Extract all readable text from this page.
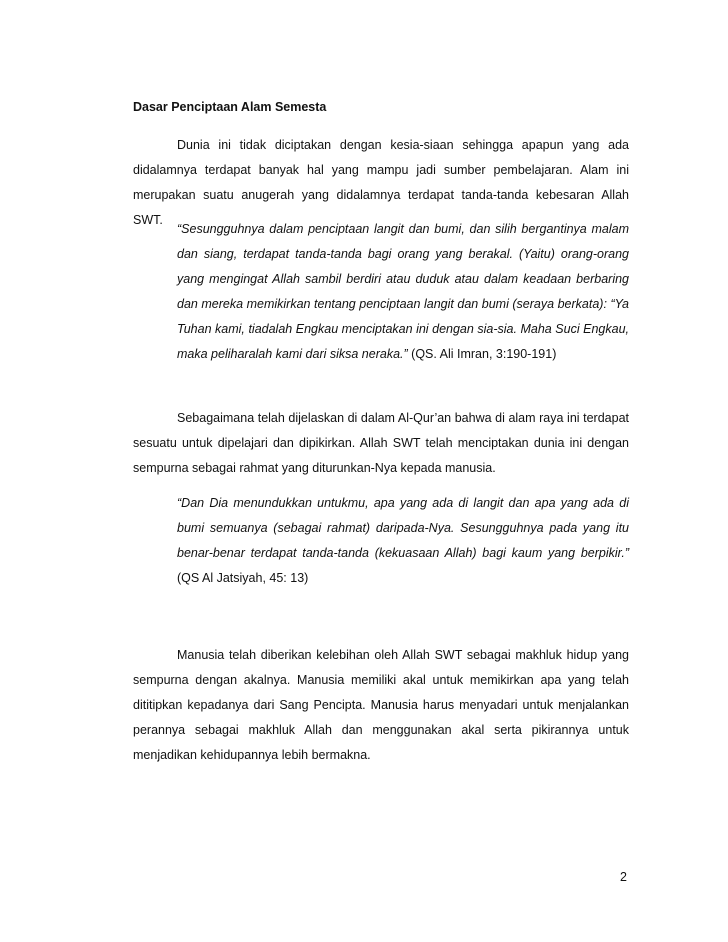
Dasar Penciptaan Alam Semesta

Dunia ini tidak diciptakan dengan kesia-siaan sehingga apapun yang ada didalamnya terdapat banyak hal yang mampu jadi sumber pembelajaran. Alam ini merupakan suatu anugerah yang didalamnya terdapat tanda-tanda kebesaran Allah SWT.

“Sesungguhnya dalam penciptaan langit dan bumi, dan silih bergantinya malam dan siang, terdapat tanda-tanda bagi orang yang berakal. (Yaitu) orang-orang yang mengingat Allah sambil berdiri atau duduk atau dalam keadaan berbaring dan mereka memikirkan tentang penciptaan langit dan bumi (seraya berkata): “Ya Tuhan kami, tiadalah Engkau menciptakan ini dengan sia-sia. Maha Suci Engkau, maka peliharalah kami dari siksa neraka.” (QS. Ali Imran, 3:190-191)

Sebagaimana telah dijelaskan di dalam Al-Qur’an bahwa di alam raya ini terdapat sesuatu untuk dipelajari dan dipikirkan. Allah SWT telah menciptakan dunia ini dengan sempurna sebagai rahmat yang diturunkan-Nya kepada manusia.

“Dan Dia menundukkan untukmu, apa yang ada di langit dan apa yang ada di bumi semuanya (sebagai rahmat) daripada-Nya. Sesungguhnya pada yang itu benar-benar terdapat tanda-tanda (kekuasaan Allah) bagi kaum yang berpikir.” (QS Al Jatsiyah, 45: 13)

Manusia telah diberikan kelebihan oleh Allah SWT sebagai makhluk hidup yang sempurna dengan akalnya. Manusia memiliki akal untuk memikirkan apa yang telah dititipkan kepadanya dari Sang Pencipta. Manusia harus menyadari untuk menjalankan perannya sebagai makhluk Allah dan menggunakan akal serta pikirannya untuk menjadikan kehidupannya lebih bermakna.

2
